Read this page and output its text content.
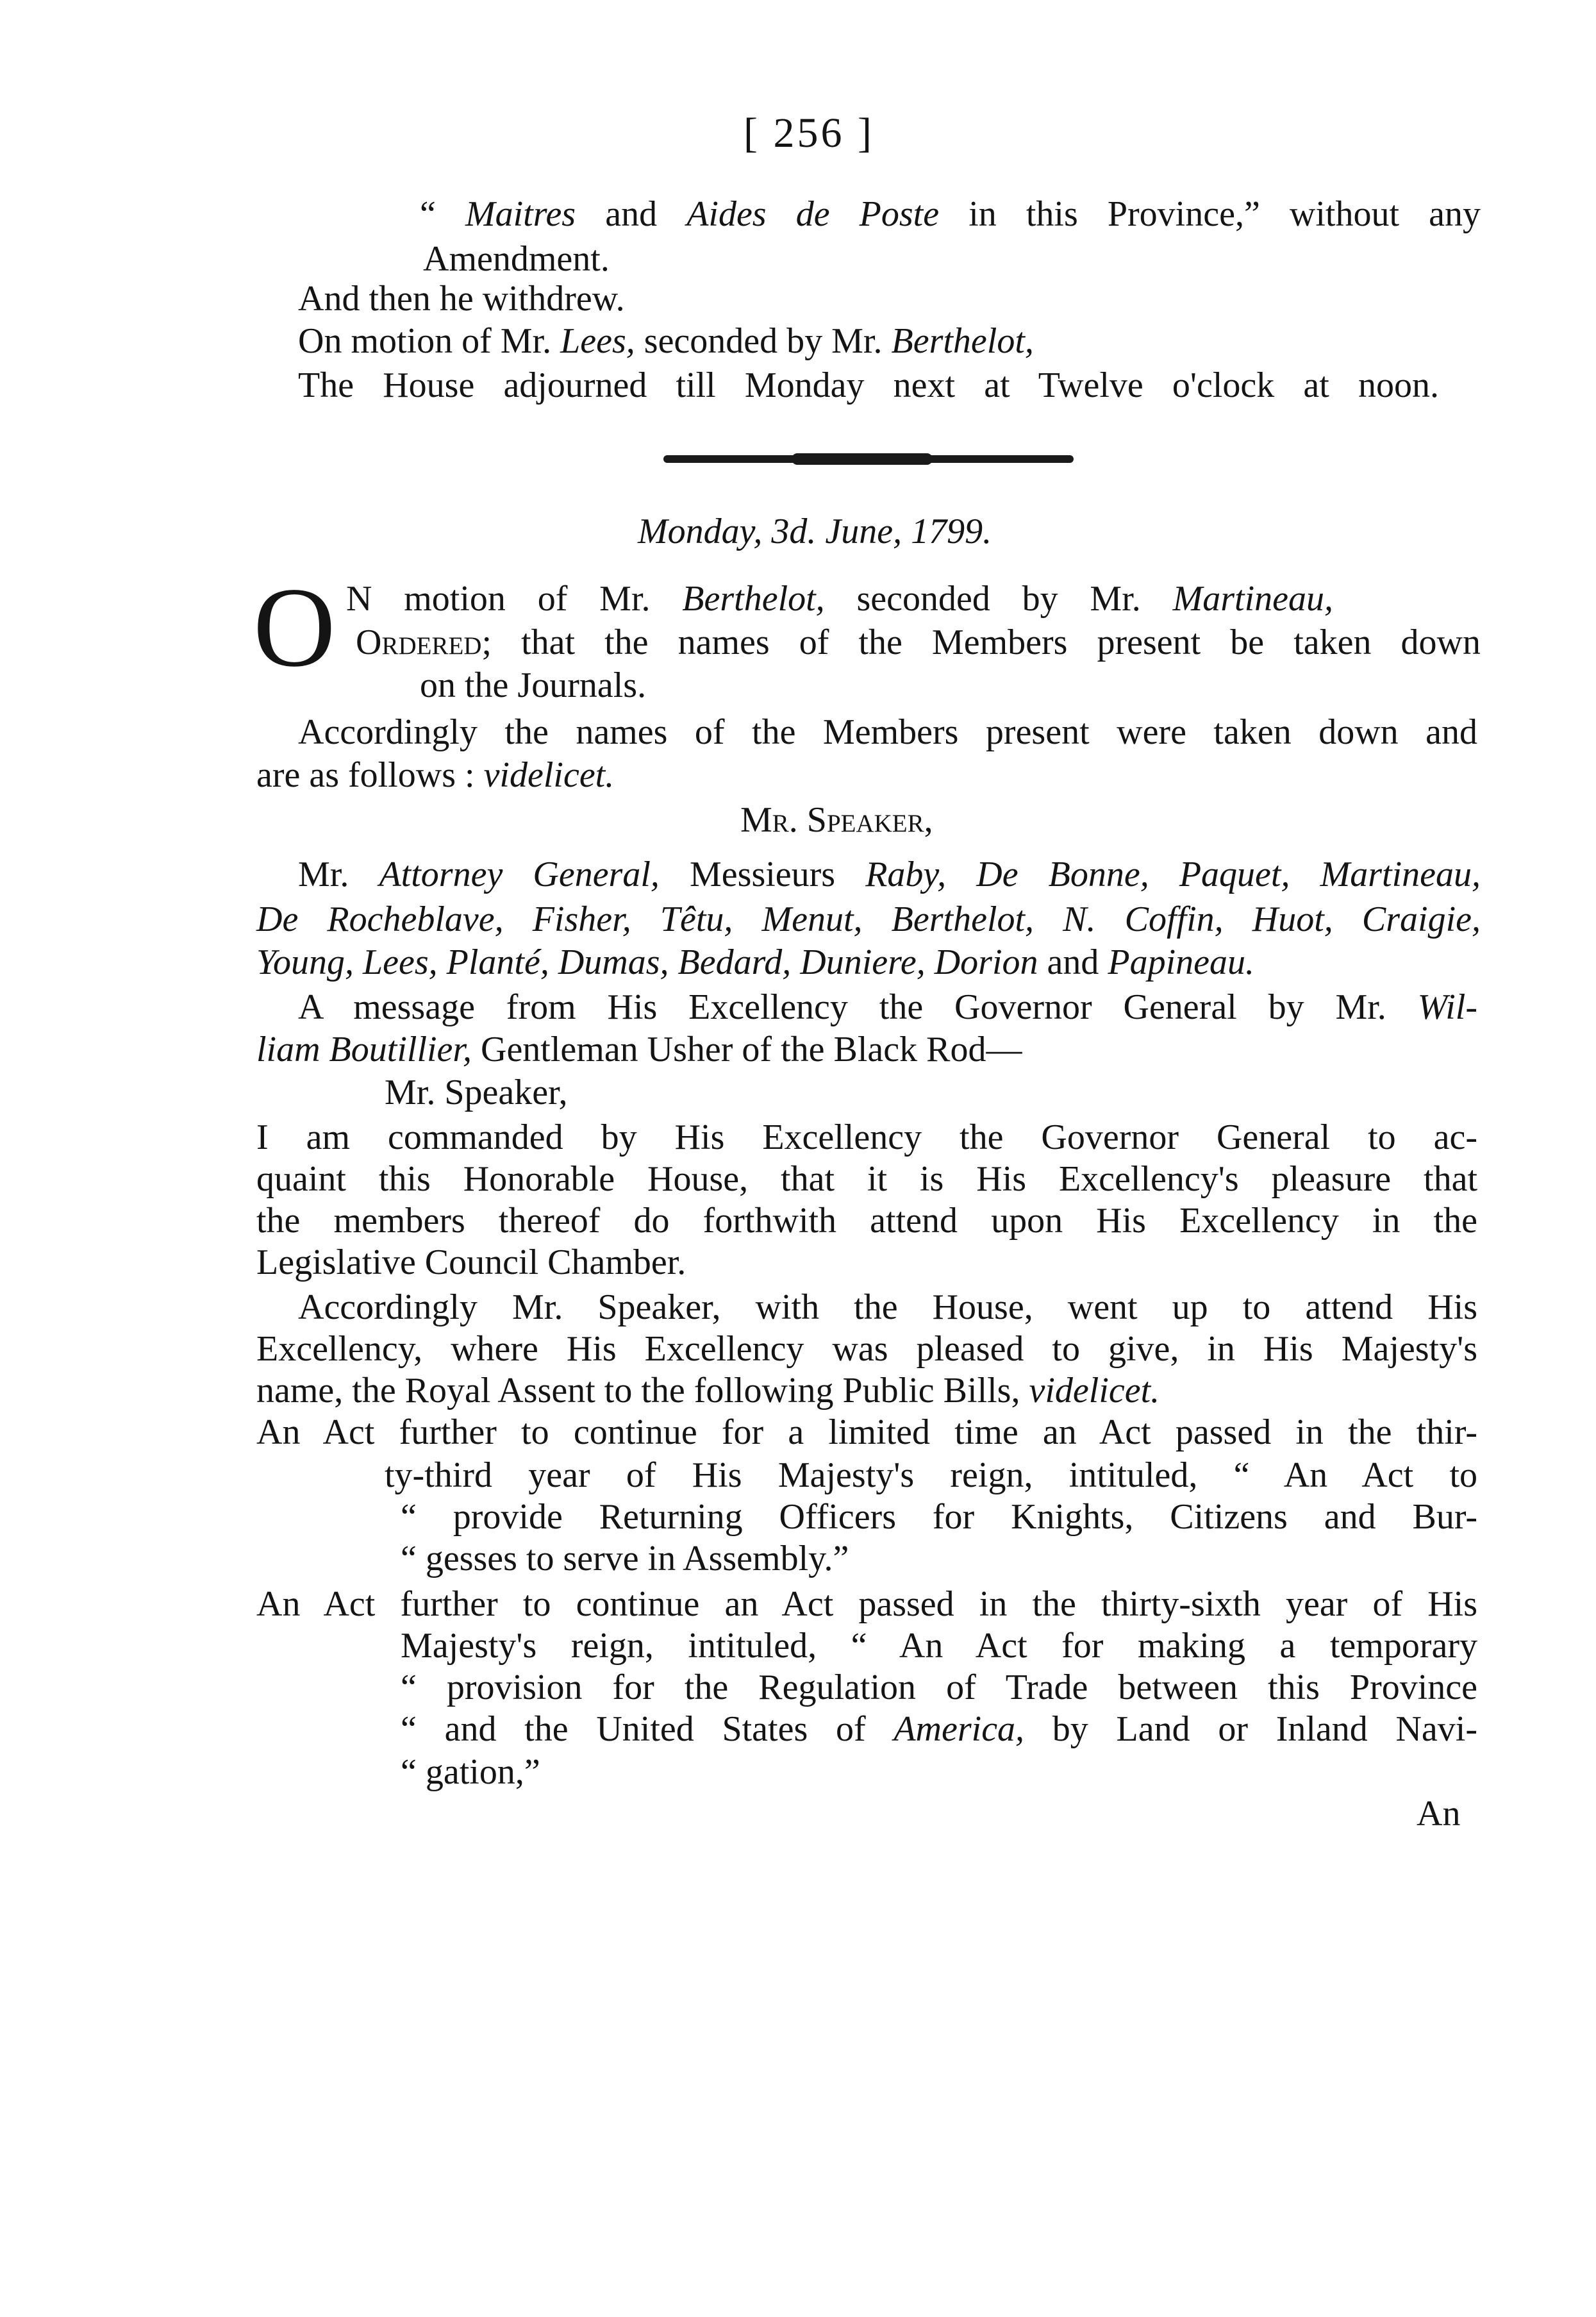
[ 256 ]
“ Maitres and Aides de Poste in this Province,” without any
Amendment.
And then he withdrew.
On motion of Mr. Lees, seconded by Mr. Berthelot,
The House adjourned till Monday next at Twelve o'clock at noon.
Monday, 3d. June, 1799.
O N motion of Mr. Berthelot, seconded by Mr. Martineau,
Ordered; that the names of the Members present be taken down
on the Journals.
Accordingly the names of the Members present were taken down and
are as follows : videlicet.
Mr. Speaker,
Mr. Attorney General, Messieurs Raby, De Bonne, Paquet, Martineau,
De Rocheblave, Fisher, Têtu, Menut, Berthelot, N. Coffin, Huot, Craigie,
Young, Lees, Planté, Dumas, Bedard, Duniere, Dorion and Papineau.
A message from His Excellency the Governor General by Mr. Wil-
liam Boutillier, Gentleman Usher of the Black Rod—
Mr. Speaker,
I am commanded by His Excellency the Governor General to ac-
quaint this Honorable House, that it is His Excellency's pleasure that
the members thereof do forthwith attend upon His Excellency in the
Legislative Council Chamber.
Accordingly Mr. Speaker, with the House, went up to attend His
Excellency, where His Excellency was pleased to give, in His Majesty's
name, the Royal Assent to the following Public Bills, videlicet.
An Act further to continue for a limited time an Act passed in the thir-
ty-third year of His Majesty's reign, intituled, “ An Act to
“ provide Returning Officers for Knights, Citizens and Bur-
“ gesses to serve in Assembly.”
An Act further to continue an Act passed in the thirty-sixth year of His
Majesty's reign, intituled, “ An Act for making a temporary
“ provision for the Regulation of Trade between this Province
“ and the United States of America, by Land or Inland Navi-
“ gation,”
An
